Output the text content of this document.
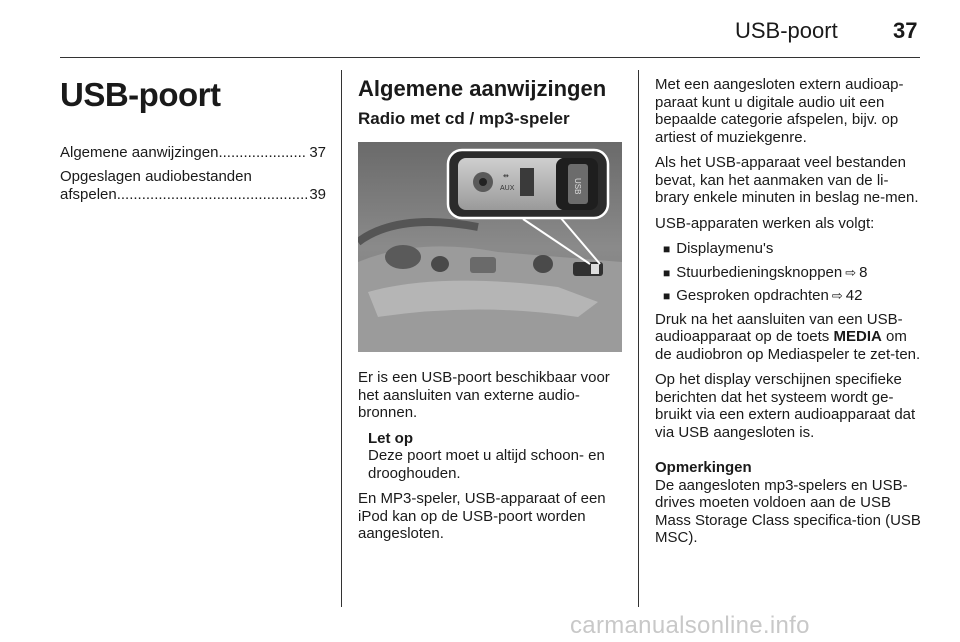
USB-poort	37
USB-poort
Algemene aanwijzingen .....	37
Opgeslagen audiobestanden
afspelen .....	39
Algemene aanwijzingen
Radio met cd / mp3-speler
⇹
AUX	USB

Er is een USB-poort beschikbaar voor het aansluiten van externe audio-bronnen.

Let op
Deze poort moet u altijd schoon- en drooghouden.

En MP3-speler, USB-apparaat of een iPod kan op de USB-poort worden aangesloten.

Met een aangesloten extern audioap-paraat kunt u digitale audio uit een bepaalde categorie afspelen, bijv. op artiest of muziekgenre.

Als het USB-apparaat veel bestanden bevat, kan het aanmaken van de li-brary enkele minuten in beslag ne-men.

USB-apparaten werken als volgt:

■ Displaymenu's
■ Stuurbedieningsknoppen ⇨ 8
■ Gesproken opdrachten ⇨ 42

Druk na het aansluiten van een USB-audioapparaat op de toets MEDIA om de audiobron op Mediaspeler te zet-ten.

Op het display verschijnen specifieke berichten dat het systeem wordt ge-bruikt via een extern audioapparaat dat via USB aangesloten is.

Opmerkingen

De aangesloten mp3-spelers en USB-drives moeten voldoen aan de USB Mass Storage Class specifica-tion (USB MSC).

carmanualsonline.info
